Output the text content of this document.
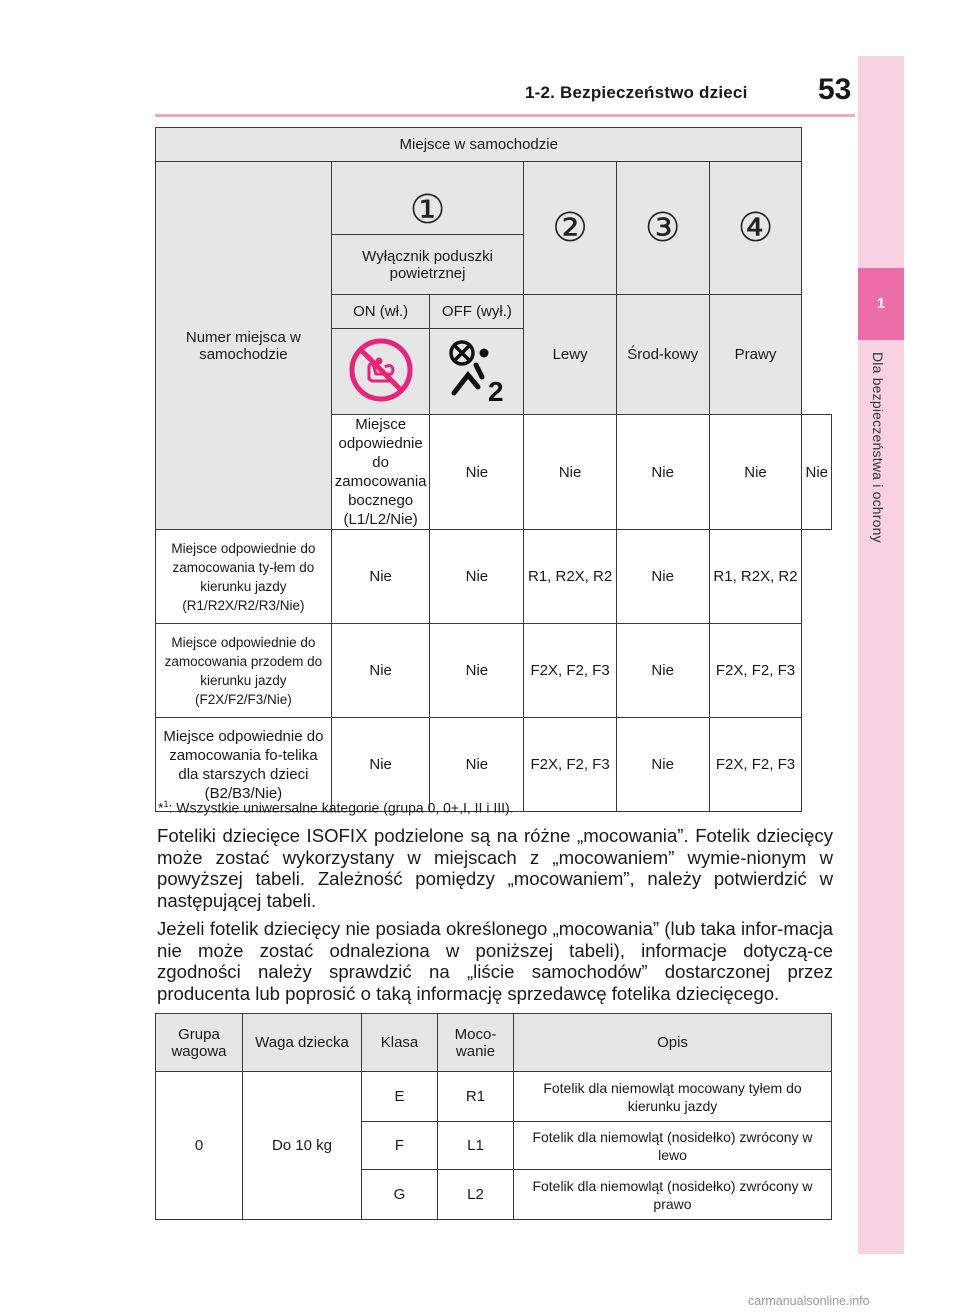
1-2. Bezpieczeństwo dzieci 53
1
Dla bezpieczeństwa i ochrony
Miejsce w samochodzie						
Numer miejsca w samochodzie	①		②	③	④	
	Wyłącznik poduszki powietrznej					
	ON (wł.)	OFF (wył.)	Lewy	Środ-kowy	Prawy	

2				

	Miejsce odpowiednie do zamocowania bocznego (L1/L2/Nie)	Nie	Nie	Nie	Nie	Nie
Miejsce odpowiednie do zamocowania ty-łem do kierunku jazdy (R1/R2X/R2/R3/Nie)	Nie	Nie	R1, R2X, R2	Nie	R1, R2X, R2	
Miejsce odpowiednie do zamocowania przodem do kierunku jazdy (F2X/F2/F3/Nie)	Nie	Nie	F2X, F2, F3	Nie	F2X, F2, F3	
Miejsce odpowiednie do zamocowania fo-telika dla starszych dzieci (B2/B3/Nie)	Nie	Nie	F2X, F2, F3	Nie	F2X, F2, F3	
*$^1$: Wszystkie uniwersalne kategorie (grupa 0, 0+,I, II i III).
Foteliki dziecięce ISOFIX podzielone są na różne „mocowania”. Fotelik dziecięcy może zostać wykorzystany w miejscach z „mocowaniem” wymie-nionym w powyższej tabeli. Zależność pomiędzy „mocowaniem”, należy potwierdzić w następującej tabeli.
Jeżeli fotelik dziecięcy nie posiada określonego „mocowania” (lub taka infor-macja nie może zostać odnaleziona w poniższej tabeli), informacje dotyczą-ce zgodności należy sprawdzić na „liście samochodów” dostarczonej przez producenta lub poprosić o taką informację sprzedawcę fotelika dziecięcego.
Grupa wagowa	Waga dziecka	Klasa	Moco-wanie	Opis
0	Do 10 kg	E	R1	Fotelik dla niemowląt mocowany tyłem do kierunku jazdy
		F	L1	Fotelik dla niemowląt (nosidełko) zwrócony w lewo
		G	L2	Fotelik dla niemowląt (nosidełko) zwrócony w prawo
carmanualsonline.info
